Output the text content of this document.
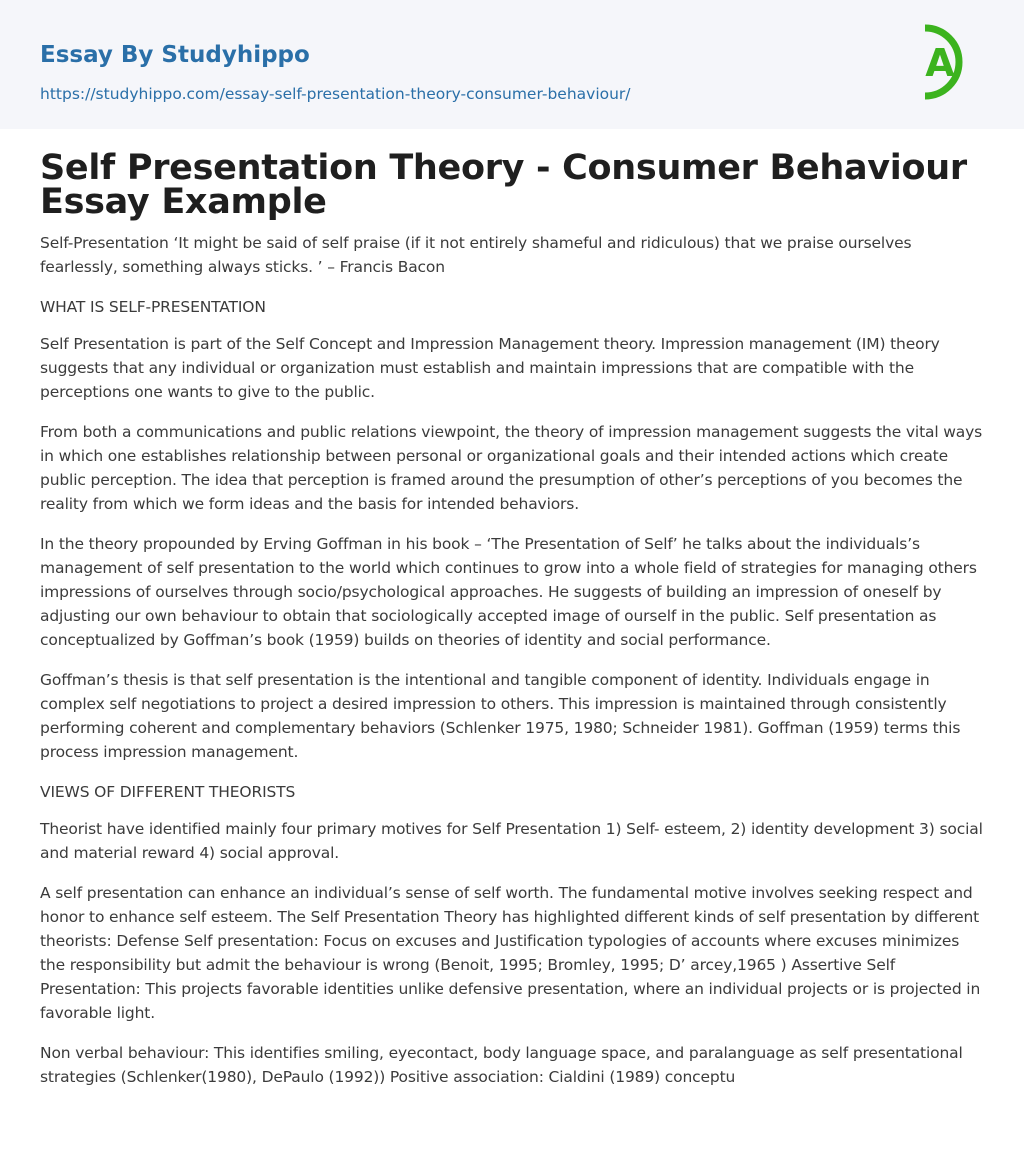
Essay By Studyhippo
https://studyhippo.com/essay-self-presentation-theory-consumer-behaviour/
A
Self Presentation Theory - Consumer Behaviour Essay Example

Self-Presentation ‘It might be said of self praise (if it not entirely shameful and ridiculous) that we praise ourselves fearlessly, something always sticks. ’ – Francis Bacon

WHAT IS SELF-PRESENTATION

Self Presentation is part of the Self Concept and Impression Management theory. Impression management (IM) theory suggests that any individual or organization must establish and maintain impressions that are compatible with the perceptions one wants to give to the public.

From both a communications and public relations viewpoint, the theory of impression management suggests the vital ways in which one establishes relationship between personal or organizational goals and their intended actions which create public perception. The idea that perception is framed around the presumption of other’s perceptions of you becomes the reality from which we form ideas and the basis for intended behaviors.

In the theory propounded by Erving Goffman in his book – ‘The Presentation of Self’ he talks about the individuals’s management of self presentation to the world which continues to grow into a whole field of strategies for managing others impressions of ourselves through socio/psychological approaches. He suggests of building an impression of oneself by adjusting our own behaviour to obtain that sociologically accepted image of ourself in the public. Self presentation as conceptualized by Goffman’s book (1959) builds on theories of identity and social performance.

Goffman’s thesis is that self presentation is the intentional and tangible component of identity. Individuals engage in complex self negotiations to project a desired impression to others. This impression is maintained through consistently performing coherent and complementary behaviors (Schlenker 1975, 1980; Schneider 1981). Goffman (1959) terms this process impression management.

VIEWS OF DIFFERENT THEORISTS

Theorist have identified mainly four primary motives for Self Presentation 1) Self- esteem, 2) identity development 3) social and material reward 4) social approval.

A self presentation can enhance an individual’s sense of self worth. The fundamental motive involves seeking respect and honor to enhance self esteem. The Self Presentation Theory has highlighted different kinds of self presentation by different theorists: Defense Self presentation: Focus on excuses and Justification typologies of accounts where excuses minimizes the responsibility but admit the behaviour is wrong (Benoit, 1995; Bromley, 1995; D’ arcey,1965 ) Assertive Self Presentation: This projects favorable identities unlike defensive presentation, where an individual projects or is projected in favorable light.

Non verbal behaviour: This identifies smiling, eyecontact, body language space, and paralanguage as self presentational strategies (Schlenker(1980), DePaulo (1992)) Positive association: Cialdini (1989) conceptu
